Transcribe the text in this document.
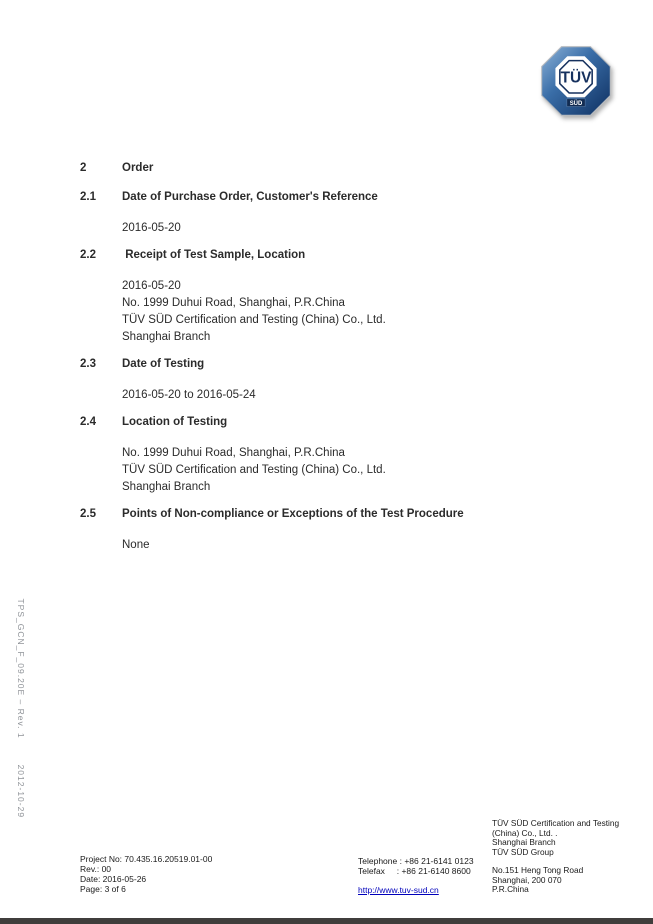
TÜV
SÜD

TPS_GCN_F_09.20E – Rev. 12012-10-29

2	Order
2.1	Date of Purchase Order, Customer's Reference
2016-05-20
2.2	Receipt of Test Sample, Location
2016-05-20
No. 1999 Duhui Road, Shanghai, P.R.China
TÜV SÜD Certification and Testing (China) Co., Ltd.
Shanghai Branch
2.3	Date of Testing
2016-05-20 to 2016-05-24
2.4	Location of Testing
No. 1999 Duhui Road, Shanghai, P.R.China
TÜV SÜD Certification and Testing (China) Co., Ltd.
Shanghai Branch
2.5	Points of Non-compliance or Exceptions of the Test Procedure
None
Project No: 70.435.16.20519.01-00
Rev.: 00
Date: 2016-05-26
Page: 3 of 6
Telephone : +86 21-6141 0123
Telefax     : +86 21-6140 8600
http://www.tuv-sud.cn
TÜV SÜD Certification and Testing
(China) Co., Ltd. .
Shanghai Branch
TÜV SÜD Group
No.151 Heng Tong Road
Shanghai, 200 070
P.R.China
